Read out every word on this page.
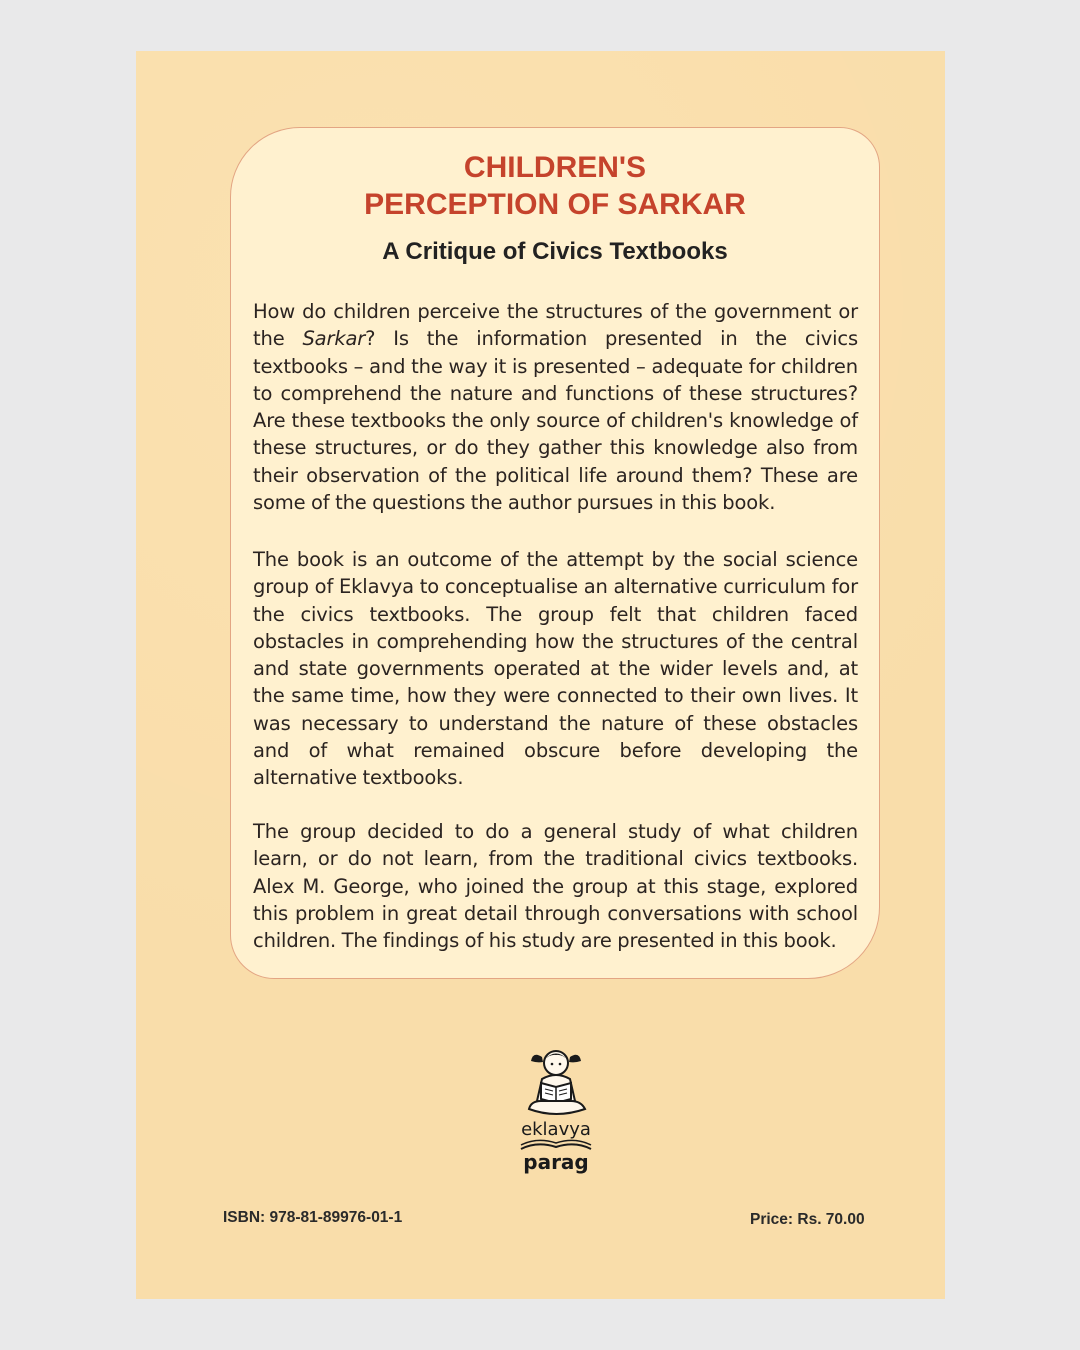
CHILDREN'S
PERCEPTION OF SARKAR
A Critique of Civics Textbooks

How do children perceive the structures of the government or the Sarkar? Is the information presented in the civics textbooks – and the way it is presented – adequate for children to comprehend the nature and functions of these structures? Are these textbooks the only source of children's knowledge of these structures, or do they gather this knowledge also from their observation of the political life around them? These are some of the questions the author pursues in this book.

The book is an outcome of the attempt by the social science group of Eklavya to conceptualise an alternative curriculum for the civics textbooks. The group felt that children faced obstacles in comprehending how the structures of the central and state governments operated at the wider levels and, at the same time, how they were connected to their own lives. It was necessary to understand the nature of these obstacles and of what remained obscure before developing the alternative textbooks.

The group decided to do a general study of what children learn, or do not learn, from the traditional civics textbooks. Alex M. George, who joined the group at this stage, explored this problem in great detail through conversations with school children. The findings of his study are presented in this book.

eklavya
parag
ISBN: 978-81-89976-01-1	Price: Rs. 70.00
